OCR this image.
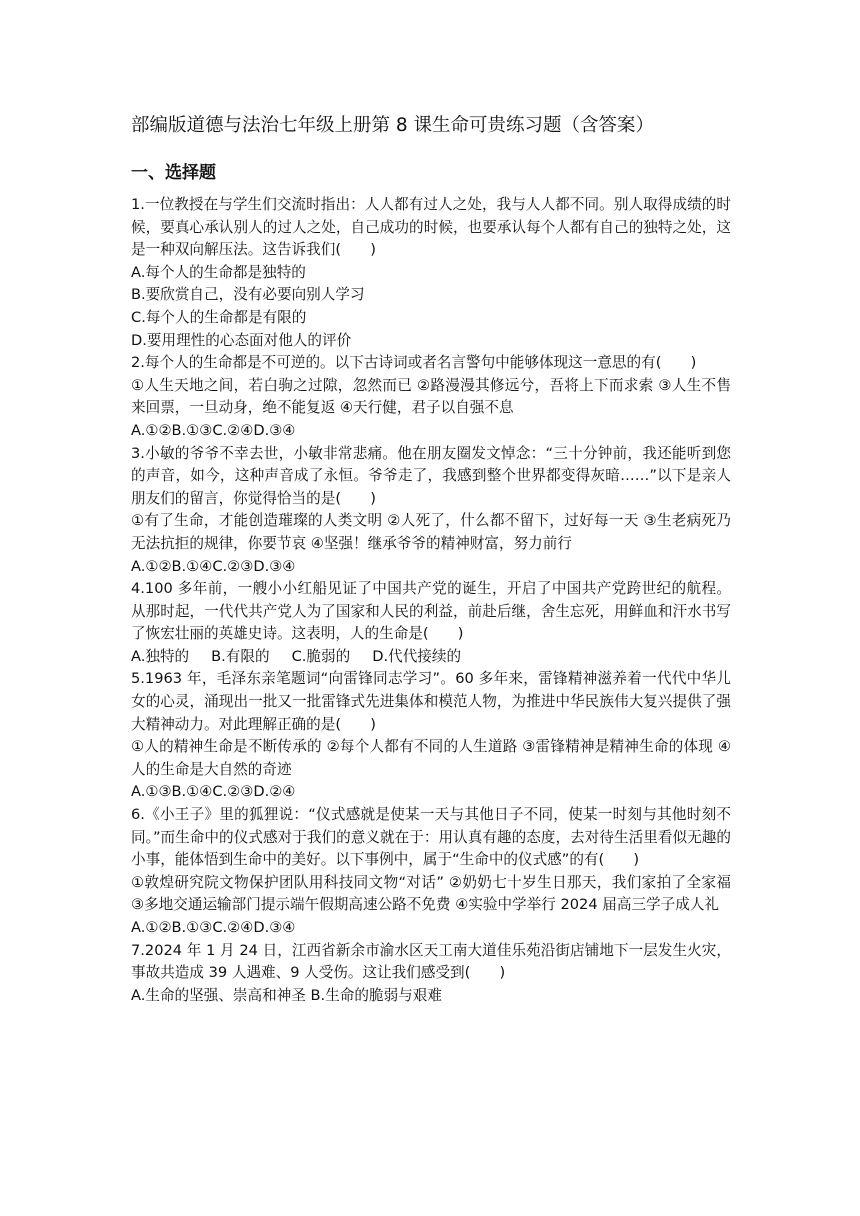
部编版道德与法治七年级上册第 8 课生命可贵练习题（含答案）
一、选择题

1.一位教授在与学生们交流时指出：人人都有过人之处，我与人人都不同。别人取得成绩的时候，要真心承认别人的过人之处，自己成功的时候，也要承认每个人都有自己的独特之处，这是一种双向解压法。这告诉我们(　　)

A.每个人的生命都是独特的

B.要欣赏自己，没有必要向别人学习

C.每个人的生命都是有限的

D.要用理性的心态面对他人的评价

2.每个人的生命都是不可逆的。以下古诗词或者名言警句中能够体现这一意思的有(　　)

①人生天地之间，若白驹之过隙，忽然而已 ②路漫漫其修远兮，吾将上下而求索 ③人生不售来回票，一旦动身，绝不能复返 ④天行健，君子以自强不息

A.①②B.①③C.②④D.③④

3.小敏的爷爷不幸去世，小敏非常悲痛。他在朋友圈发文悼念：“三十分钟前，我还能听到您的声音，如今，这种声音成了永恒。爷爷走了，我感到整个世界都变得灰暗……”以下是亲人朋友们的留言，你觉得恰当的是(　　)

①有了生命，才能创造璀璨的人类文明 ②人死了，什么都不留下，过好每一天 ③生老病死乃无法抗拒的规律，你要节哀 ④坚强！继承爷爷的精神财富，努力前行

A.①②B.①④C.②③D.③④

4.100 多年前，一艘小小红船见证了中国共产党的诞生，开启了中国共产党跨世纪的航程。从那时起，一代代共产党人为了国家和人民的利益，前赴后继，舍生忘死，用鲜血和汗水书写了恢宏壮丽的英雄史诗。这表明，人的生命是(　　)

A.独特的 B.有限的 C.脆弱的 D.代代接续的

5.1963 年，毛泽东亲笔题词“向雷锋同志学习”。60 多年来，雷锋精神滋养着一代代中华儿女的心灵，涌现出一批又一批雷锋式先进集体和模范人物，为推进中华民族伟大复兴提供了强大精神动力。对此理解正确的是(　　)

①人的精神生命是不断传承的 ②每个人都有不同的人生道路 ③雷锋精神是精神生命的体现 ④人的生命是大自然的奇迹

A.①③B.①④C.②③D.②④

6.《小王子》里的狐狸说：“仪式感就是使某一天与其他日子不同，使某一时刻与其他时刻不同。”而生命中的仪式感对于我们的意义就在于：用认真有趣的态度，去对待生活里看似无趣的小事，能体悟到生命中的美好。以下事例中，属于“生命中的仪式感”的有(　　)

①敦煌研究院文物保护团队用科技同文物“对话” ②奶奶七十岁生日那天，我们家拍了全家福 ③多地交通运输部门提示端午假期高速公路不免费 ④实验中学举行 2024 届高三学子成人礼

A.①②B.①③C.②④D.③④

7.2024 年 1 月 24 日，江西省新余市渝水区天工南大道佳乐苑沿街店铺地下一层发生火灾，事故共造成 39 人遇难、9 人受伤。这让我们感受到(　　)

A.生命的坚强、崇高和神圣 B.生命的脆弱与艰难
